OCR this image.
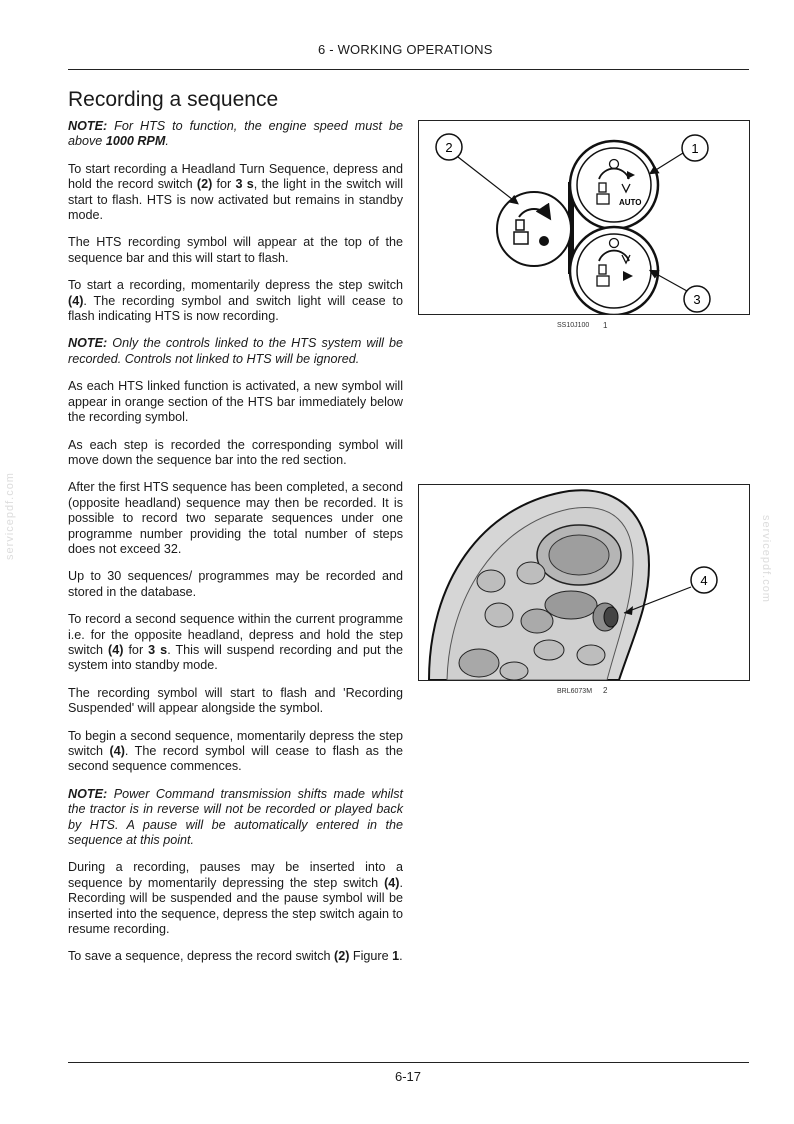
6 - WORKING OPERATIONS
Recording a sequence

NOTE: For HTS to function, the engine speed must be above 1000 RPM.

To start recording a Headland Turn Sequence, depress and hold the record switch (2) for 3 s, the light in the switch will start to flash. HTS is now activated but remains in standby mode.

The HTS recording symbol will appear at the top of the sequence bar and this will start to flash.

To start a recording, momentarily depress the step switch (4). The recording symbol and switch light will cease to flash indicating HTS is now recording.

NOTE: Only the controls linked to the HTS system will be recorded. Controls not linked to HTS will be ignored.

As each HTS linked function is activated, a new symbol will appear in orange section of the HTS bar immediately below the recording symbol.

As each step is recorded the corresponding symbol will move down the sequence bar into the red section.

After the first HTS sequence has been completed, a second (opposite headland) sequence may then be recorded. It is possible to record two separate sequences under one programme number providing the total number of steps does not exceed 32.

Up to 30 sequences/ programmes may be recorded and stored in the database.

To record a second sequence within the current programme i.e. for the opposite headland, depress and hold the step switch (4) for 3 s. This will suspend recording and put the system into standby mode.

The recording symbol will start to flash and 'Recording Suspended' will appear alongside the symbol.

To begin a second sequence, momentarily depress the step switch (4). The record symbol will cease to flash as the second sequence commences.

NOTE: Power Command transmission shifts made whilst the tractor is in reverse will not be recorded or played back by HTS. A pause will be automatically entered in the sequence at this point.

During a recording, pauses may be inserted into a sequence by momentarily depressing the step switch (4). Recording will be suspended and the pause symbol will be inserted into the sequence, depress the step switch again to resume recording.

To save a sequence, depress the record switch (2) Figure 1.

AUTO
2	1
3
SS10J100 1
4
BRL6073M 2
6-17
servicepdf.com	servicepdf.com
